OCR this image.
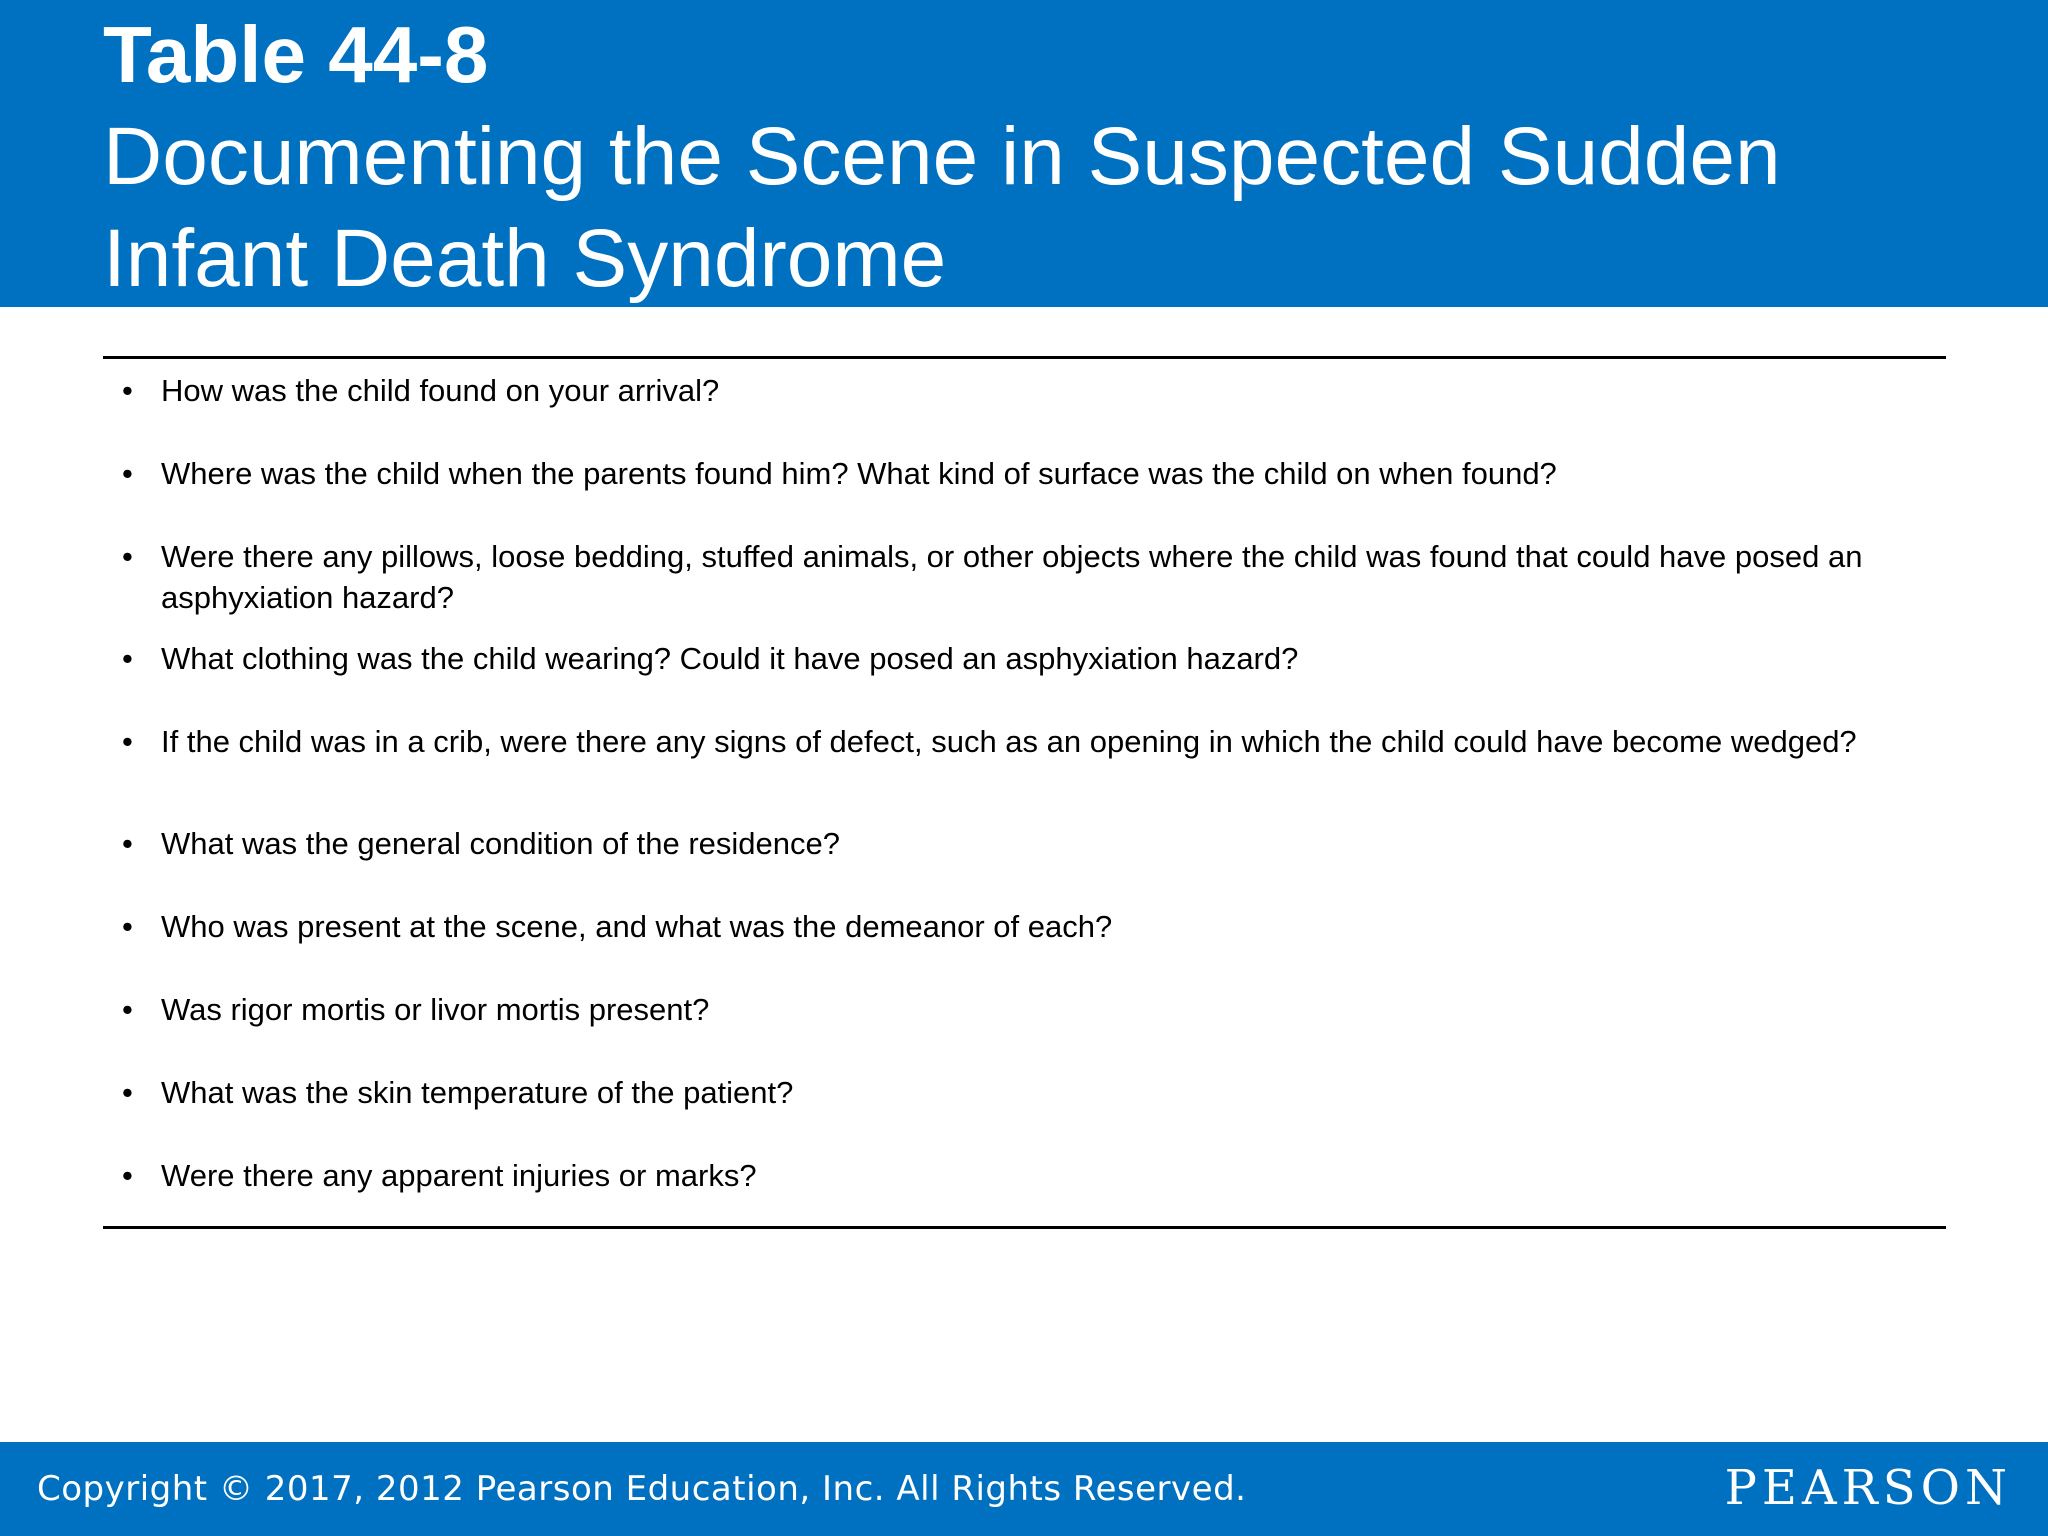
Table 44-8
Documenting the Scene in Suspected Sudden Infant Death Syndrome
• How was the child found on your arrival?
• Where was the child when the parents found him? What kind of surface was the child on when found?
• Were there any pillows, loose bedding, stuffed animals, or other objects where the child was found that could have posed an asphyxiation hazard?
• What clothing was the child wearing? Could it have posed an asphyxiation hazard?
• If the child was in a crib, were there any signs of defect, such as an opening in which the child could have become wedged?
• What was the general condition of the residence?
• Who was present at the scene, and what was the demeanor of each?
• Was rigor mortis or livor mortis present?
• What was the skin temperature of the patient?
• Were there any apparent injuries or marks?

Copyright © 2017, 2012 Pearson Education, Inc. All Rights Reserved.	PEARSON
